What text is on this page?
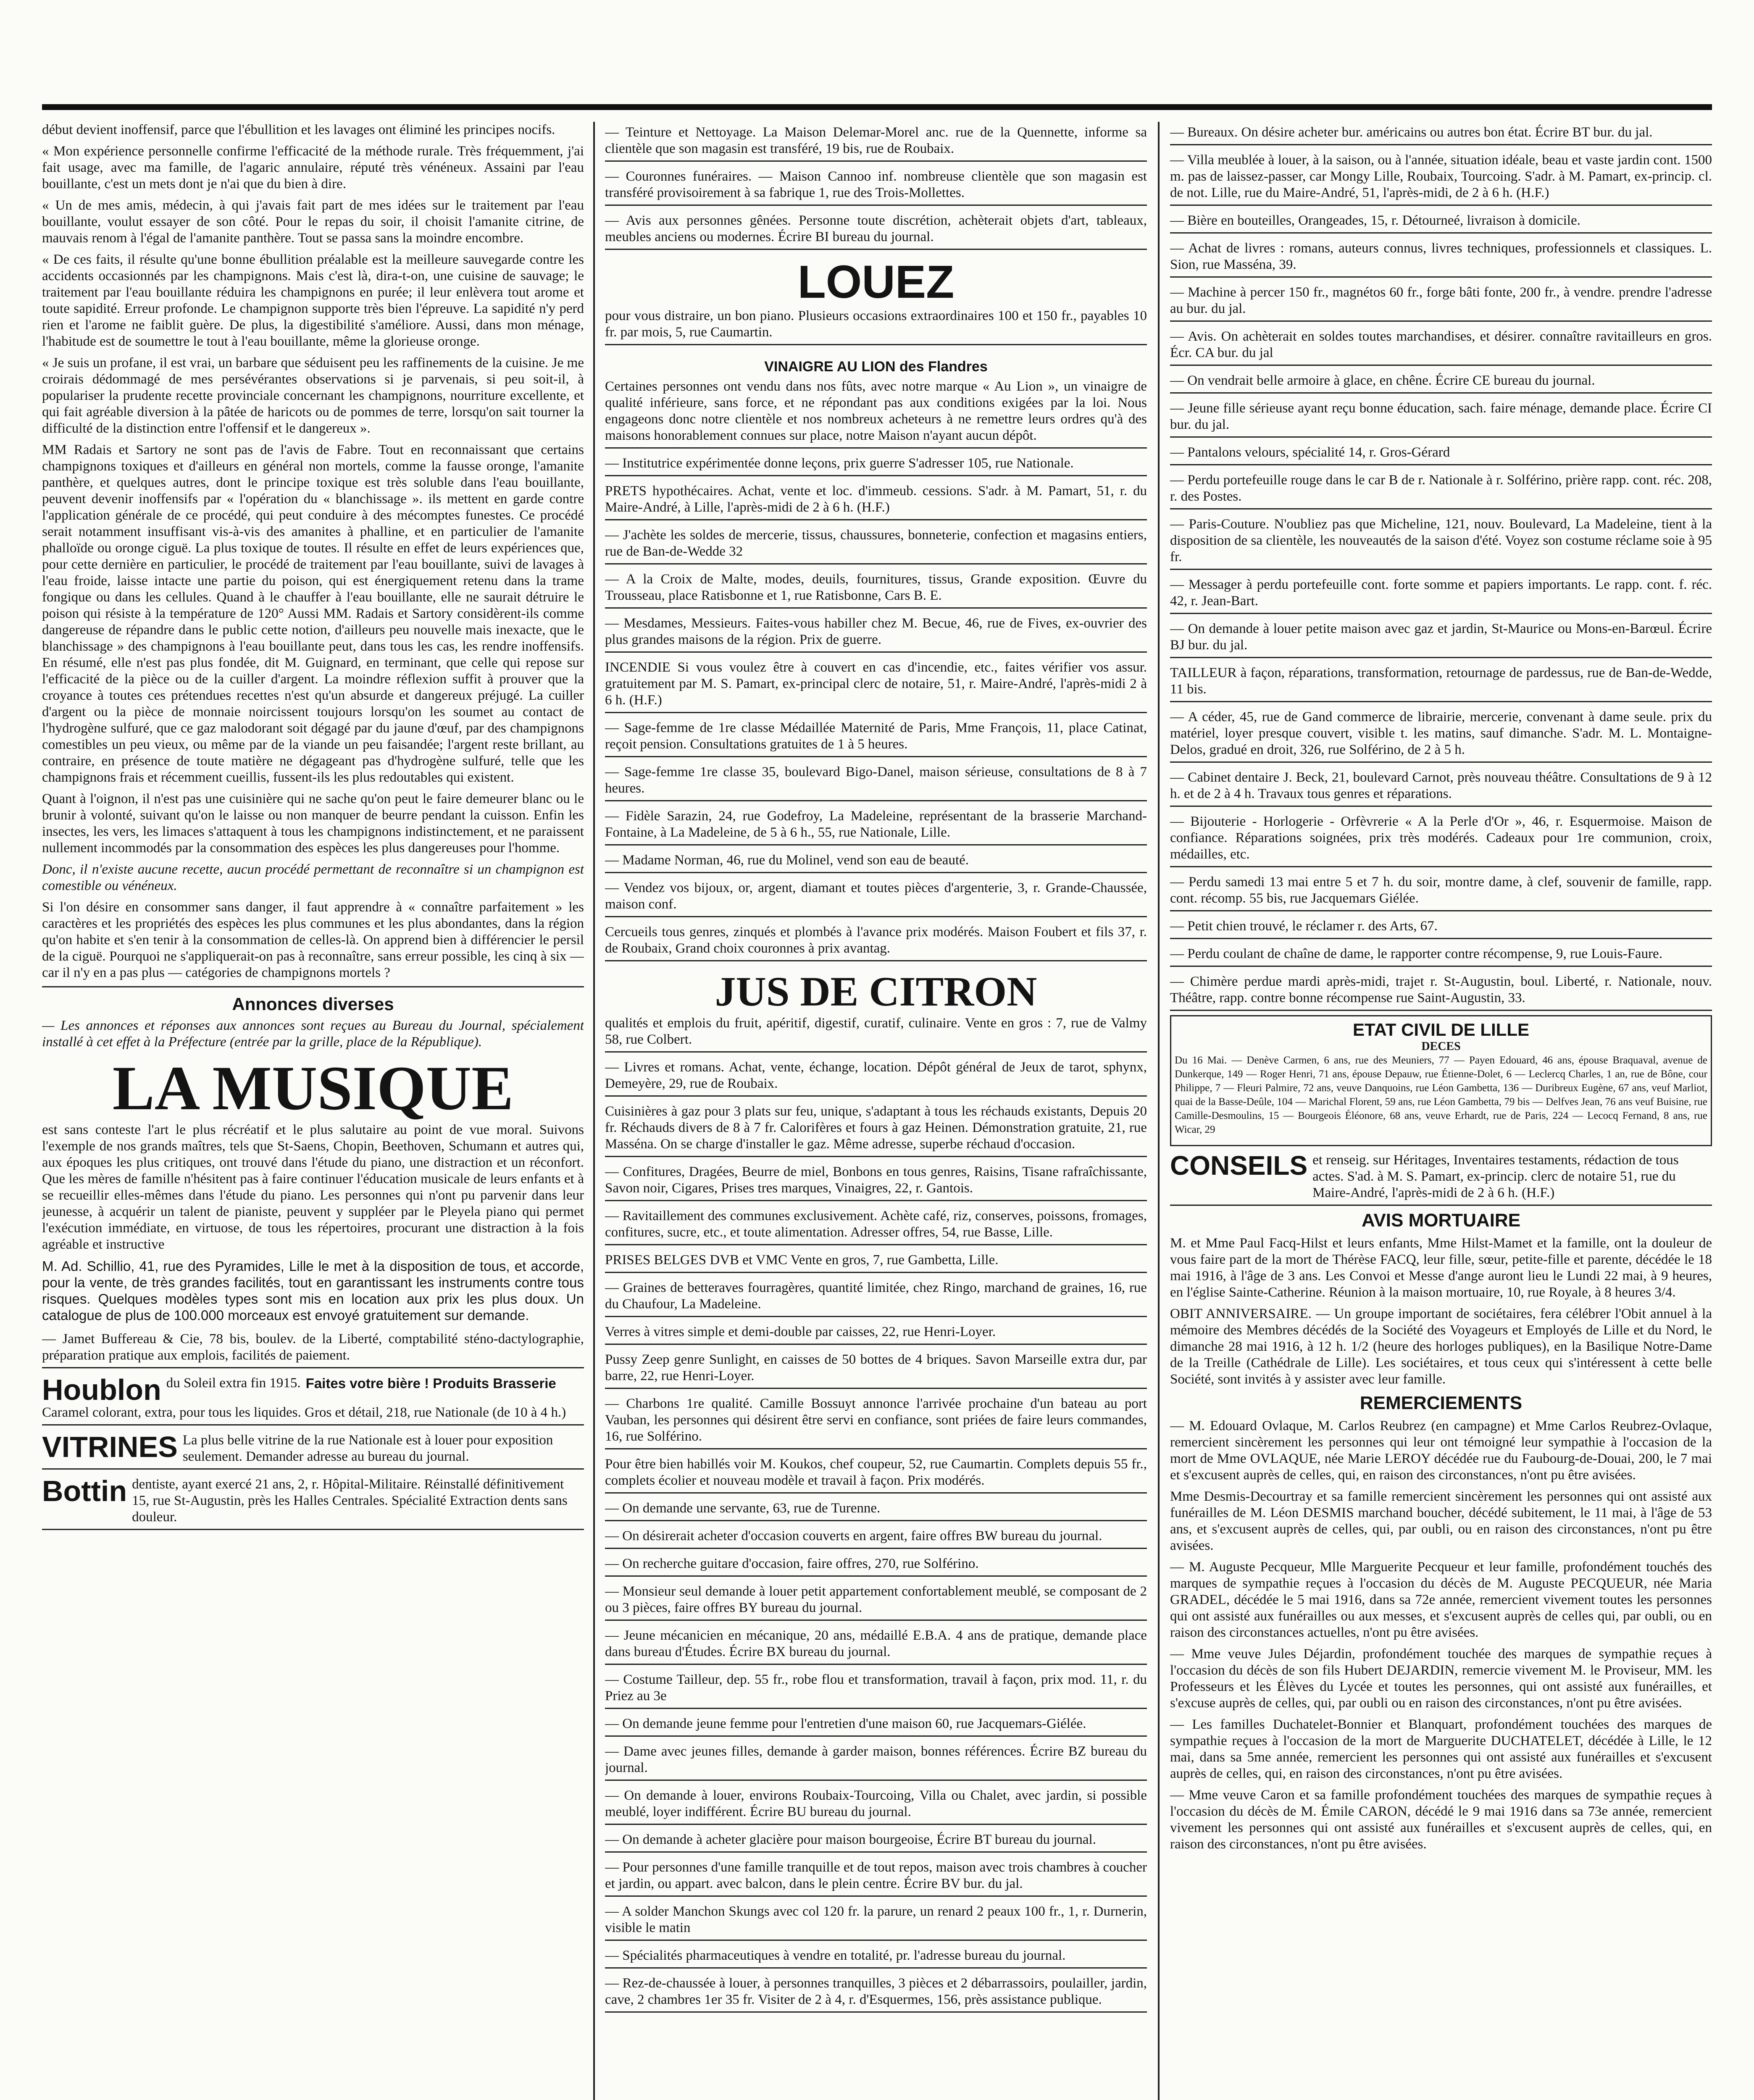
début devient inoffensif, parce que l'ébullition et les lavages ont éliminé les principes nocifs.

« Mon expérience personnelle confirme l'efficacité de la méthode rurale. Très fréquemment, j'ai fait usage, avec ma famille, de l'agaric annulaire, réputé très vénéneux. Assaini par l'eau bouillante, c'est un mets dont je n'ai que du bien à dire.

« Un de mes amis, médecin, à qui j'avais fait part de mes idées sur le traitement par l'eau bouillante, voulut essayer de son côté. Pour le repas du soir, il choisit l'amanite citrine, de mauvais renom à l'égal de l'amanite panthère. Tout se passa sans la moindre encombre.

« De ces faits, il résulte qu'une bonne ébullition préalable est la meilleure sauvegarde contre les accidents occasionnés par les champignons. Mais c'est là, dira-t-on, une cuisine de sauvage; le traitement par l'eau bouillante réduira les champignons en purée; il leur enlèvera tout arome et toute sapidité. Erreur profonde. Le champignon supporte très bien l'épreuve. La sapidité n'y perd rien et l'arome ne faiblit guère. De plus, la digestibilité s'améliore. Aussi, dans mon ménage, l'habitude est de soumettre le tout à l'eau bouillante, même la glorieuse oronge.

« Je suis un profane, il est vrai, un barbare que séduisent peu les raffinements de la cuisine. Je me croirais dédommagé de mes persévérantes observations si je parvenais, si peu soit-il, à populariser la prudente recette provinciale concernant les champignons, nourriture excellente, et qui fait agréable diversion à la pâtée de haricots ou de pommes de terre, lorsqu'on sait tourner la difficulté de la distinction entre l'offensif et le dangereux ».

MM Radais et Sartory ne sont pas de l'avis de Fabre. Tout en reconnaissant que certains champignons toxiques et d'ailleurs en général non mortels, comme la fausse oronge, l'amanite panthère, et quelques autres, dont le principe toxique est très soluble dans l'eau bouillante, peuvent devenir inoffensifs par « l'opération du « blanchissage ». ils mettent en garde contre l'application générale de ce procédé, qui peut conduire à des mécomptes funestes. Ce procédé serait notamment insuffisant vis-à-vis des amanites à phalline, et en particulier de l'amanite phalloïde ou oronge ciguë. La plus toxique de toutes. Il résulte en effet de leurs expériences que, pour cette dernière en particulier, le procédé de traitement par l'eau bouillante, suivi de lavages à l'eau froide, laisse intacte une partie du poison, qui est énergiquement retenu dans la trame fongique ou dans les cellules. Quand à le chauffer à l'eau bouillante, elle ne saurait détruire le poison qui résiste à la température de 120° Aussi MM. Radais et Sartory considèrent-ils comme dangereuse de répandre dans le public cette notion, d'ailleurs peu nouvelle mais inexacte, que le blanchissage » des champignons à l'eau bouillante peut, dans tous les cas, les rendre inoffensifs. En résumé, elle n'est pas plus fondée, dit M. Guignard, en terminant, que celle qui repose sur l'efficacité de la pièce ou de la cuiller d'argent. La moindre réflexion suffit à prouver que la croyance à toutes ces prétendues recettes n'est qu'un absurde et dangereux préjugé. La cuiller d'argent ou la pièce de monnaie noircissent toujours lorsqu'on les soumet au contact de l'hydrogène sulfuré, que ce gaz malodorant soit dégagé par du jaune d'œuf, par des champignons comestibles un peu vieux, ou même par de la viande un peu faisandée; l'argent reste brillant, au contraire, en présence de toute matière ne dégageant pas d'hydrogène sulfuré, telle que les champignons frais et récemment cueillis, fussent-ils les plus redoutables qui existent.

Quant à l'oignon, il n'est pas une cuisinière qui ne sache qu'on peut le faire demeurer blanc ou le brunir à volonté, suivant qu'on le laisse ou non manquer de beurre pendant la cuisson. Enfin les insectes, les vers, les limaces s'attaquent à tous les champignons indistinctement, et ne paraissent nullement incommodés par la consommation des espèces les plus dangereuses pour l'homme.

Donc, il n'existe aucune recette, aucun procédé permettant de reconnaître si un champignon est comestible ou vénéneux.

Si l'on désire en consommer sans danger, il faut apprendre à « connaître parfaitement » les caractères et les propriétés des espèces les plus communes et les plus abondantes, dans la région qu'on habite et s'en tenir à la consommation de celles-là. On apprend bien à différencier le persil de la ciguë. Pourquoi ne s'appliquerait-on pas à reconnaître, sans erreur possible, les cinq à six — car il n'y en a pas plus — catégories de champignons mortels ?

Annonces diverses

— Les annonces et réponses aux annonces sont reçues au Bureau du Journal, spécialement installé à cet effet à la Préfecture (entrée par la grille, place de la République).

LA MUSIQUE

est sans conteste l'art le plus récréatif et le plus salutaire au point de vue moral. Suivons l'exemple de nos grands maîtres, tels que St-Saens, Chopin, Beethoven, Schumann et autres qui, aux époques les plus critiques, ont trouvé dans l'étude du piano, une distraction et un réconfort. Que les mères de famille n'hésitent pas à faire continuer l'éducation musicale de leurs enfants et à se recueillir elles-mêmes dans l'étude du piano. Les personnes qui n'ont pu parvenir dans leur jeunesse, à acquérir un talent de pianiste, peuvent y suppléer par le Pleyela piano qui permet l'exécution immédiate, en virtuose, de tous les répertoires, procurant une distraction à la fois agréable et instructive

M. Ad. Schillio, 41, rue des Pyramides, Lille le met à la disposition de tous, et accorde, pour la vente, de très grandes facilités, tout en garantissant les instruments contre tous risques. Quelques modèles types sont mis en location aux prix les plus doux. Un catalogue de plus de 100.000 morceaux est envoyé gratuitement sur demande.

— Jamet Buffereau & Cie, 78 bis, boulev. de la Liberté, comptabilité sténo-dactylographie, préparation pratique aux emplois, facilités de paiement.

Houblon du Soleil extra fin 1915. Faites votre bière ! Produits Brasserie

Caramel colorant, extra, pour tous les liquides. Gros et détail, 218, rue Nationale (de 10 à 4 h.)

VITRINES La plus belle vitrine de la rue Nationale est à louer pour exposition seulement. Demander adresse au bureau du journal.
Bottin dentiste, ayant exercé 21 ans, 2, r. Hôpital-Militaire. Réinstallé définitivement 15, rue St-Augustin, près les Halles Centrales. Spécialité Extraction dents sans douleur.

— Teinture et Nettoyage. La Maison Delemar-Morel anc. rue de la Quennette, informe sa clientèle que son magasin est transféré, 19 bis, rue de Roubaix.

— Couronnes funéraires. — Maison Cannoo inf. nombreuse clientèle que son magasin est transféré provisoirement à sa fabrique 1, rue des Trois-Mollettes.

— Avis aux personnes gênées. Personne toute discrétion, achèterait objets d'art, tableaux, meubles anciens ou modernes. Écrire BI bureau du journal.

LOUEZ

pour vous distraire, un bon piano. Plusieurs occasions extraordinaires 100 et 150 fr., payables 10 fr. par mois, 5, rue Caumartin.

VINAIGRE AU LION des Flandres

Certaines personnes ont vendu dans nos fûts, avec notre marque « Au Lion », un vinaigre de qualité inférieure, sans force, et ne répondant pas aux conditions exigées par la loi. Nous engageons donc notre clientèle et nos nombreux acheteurs à ne remettre leurs ordres qu'à des maisons honorablement connues sur place, notre Maison n'ayant aucun dépôt.

— Institutrice expérimentée donne leçons, prix guerre S'adresser 105, rue Nationale.

PRETS hypothécaires. Achat, vente et loc. d'immeub. cessions. S'adr. à M. Pamart, 51, r. du Maire-André, à Lille, l'après-midi de 2 à 6 h. (H.F.)

— J'achète les soldes de mercerie, tissus, chaussures, bonneterie, confection et magasins entiers, rue de Ban-de-Wedde 32

— A la Croix de Malte, modes, deuils, fournitures, tissus, Grande exposition. Œuvre du Trousseau, place Ratisbonne et 1, rue Ratisbonne, Cars B. E.

— Mesdames, Messieurs. Faites-vous habiller chez M. Becue, 46, rue de Fives, ex-ouvrier des plus grandes maisons de la région. Prix de guerre.

INCENDIE Si vous voulez être à couvert en cas d'incendie, etc., faites vérifier vos assur. gratuitement par M. S. Pamart, ex-principal clerc de notaire, 51, r. Maire-André, l'après-midi 2 à 6 h. (H.F.)

— Sage-femme de 1re classe Médaillée Maternité de Paris, Mme François, 11, place Catinat, reçoit pension. Consultations gratuites de 1 à 5 heures.

— Sage-femme 1re classe 35, boulevard Bigo-Danel, maison sérieuse, consultations de 8 à 7 heures.

— Fidèle Sarazin, 24, rue Godefroy, La Madeleine, représentant de la brasserie Marchand-Fontaine, à La Madeleine, de 5 à 6 h., 55, rue Nationale, Lille.

— Madame Norman, 46, rue du Molinel, vend son eau de beauté.

— Vendez vos bijoux, or, argent, diamant et toutes pièces d'argenterie, 3, r. Grande-Chaussée, maison conf.

Cercueils tous genres, zinqués et plombés à l'avance prix modérés. Maison Foubert et fils 37, r. de Roubaix, Grand choix couronnes à prix avantag.

JUS DE CITRON

qualités et emplois du fruit, apéritif, digestif, curatif, culinaire. Vente en gros : 7, rue de Valmy 58, rue Colbert.

— Livres et romans. Achat, vente, échange, location. Dépôt général de Jeux de tarot, sphynx, Demeyère, 29, rue de Roubaix.

Cuisinières à gaz pour 3 plats sur feu, unique, s'adaptant à tous les réchauds existants, Depuis 20 fr. Réchauds divers de 8 à 7 fr. Calorifères et fours à gaz Heinen. Démonstration gratuite, 21, rue Masséna. On se charge d'installer le gaz. Même adresse, superbe réchaud d'occasion.

— Confitures, Dragées, Beurre de miel, Bonbons en tous genres, Raisins, Tisane rafraîchissante, Savon noir, Cigares, Prises tres marques, Vinaigres, 22, r. Gantois.

— Ravitaillement des communes exclusivement. Achète café, riz, conserves, poissons, fromages, confitures, sucre, etc., et toute alimentation. Adresser offres, 54, rue Basse, Lille.

PRISES BELGES DVB et VMC Vente en gros, 7, rue Gambetta, Lille.

— Graines de betteraves fourragères, quantité limitée, chez Ringo, marchand de graines, 16, rue du Chaufour, La Madeleine.

Verres à vitres simple et demi-double par caisses, 22, rue Henri-Loyer.

Pussy Zeep genre Sunlight, en caisses de 50 bottes de 4 briques. Savon Marseille extra dur, par barre, 22, rue Henri-Loyer.

— Charbons 1re qualité. Camille Bossuyt annonce l'arrivée prochaine d'un bateau au port Vauban, les personnes qui désirent être servi en confiance, sont priées de faire leurs commandes, 16, rue Solférino.

Pour être bien habillés voir M. Koukos, chef coupeur, 52, rue Caumartin. Complets depuis 55 fr., complets écolier et nouveau modèle et travail à façon. Prix modérés.

— On demande une servante, 63, rue de Turenne.

— On désirerait acheter d'occasion couverts en argent, faire offres BW bureau du journal.

— On recherche guitare d'occasion, faire offres, 270, rue Solférino.

— Monsieur seul demande à louer petit appartement confortablement meublé, se composant de 2 ou 3 pièces, faire offres BY bureau du journal.

— Jeune mécanicien en mécanique, 20 ans, médaillé E.B.A. 4 ans de pratique, demande place dans bureau d'Études. Écrire BX bureau du journal.

— Costume Tailleur, dep. 55 fr., robe flou et transformation, travail à façon, prix mod. 11, r. du Priez au 3e

— On demande jeune femme pour l'entretien d'une maison 60, rue Jacquemars-Giélée.

— Dame avec jeunes filles, demande à garder maison, bonnes références. Écrire BZ bureau du journal.

— On demande à louer, environs Roubaix-Tourcoing, Villa ou Chalet, avec jardin, si possible meublé, loyer indifférent. Écrire BU bureau du journal.

— On demande à acheter glacière pour maison bourgeoise, Écrire BT bureau du journal.

— Pour personnes d'une famille tranquille et de tout repos, maison avec trois chambres à coucher et jardin, ou appart. avec balcon, dans le plein centre. Écrire BV bur. du jal.

— A solder Manchon Skungs avec col 120 fr. la parure, un renard 2 peaux 100 fr., 1, r. Durnerin, visible le matin

— Spécialités pharmaceutiques à vendre en totalité, pr. l'adresse bureau du journal.

— Rez-de-chaussée à louer, à personnes tranquilles, 3 pièces et 2 débarrassoirs, poulailler, jardin, cave, 2 chambres 1er 35 fr. Visiter de 2 à 4, r. d'Esquermes, 156, près assistance publique.

— Bureaux. On désire acheter bur. américains ou autres bon état. Écrire BT bur. du jal.

— Villa meublée à louer, à la saison, ou à l'année, situation idéale, beau et vaste jardin cont. 1500 m. pas de laissez-passer, car Mongy Lille, Roubaix, Tourcoing. S'adr. à M. Pamart, ex-princip. cl. de not. Lille, rue du Maire-André, 51, l'après-midi, de 2 à 6 h. (H.F.)

— Bière en bouteilles, Orangeades, 15, r. Détourneé, livraison à domicile.

— Achat de livres : romans, auteurs connus, livres techniques, professionnels et classiques. L. Sion, rue Masséna, 39.

— Machine à percer 150 fr., magnétos 60 fr., forge bâti fonte, 200 fr., à vendre. prendre l'adresse au bur. du jal.

— Avis. On achèterait en soldes toutes marchandises, et désirer. connaître ravitailleurs en gros. Écr. CA bur. du jal

— On vendrait belle armoire à glace, en chêne. Écrire CE bureau du journal.

— Jeune fille sérieuse ayant reçu bonne éducation, sach. faire ménage, demande place. Écrire CI bur. du jal.

— Pantalons velours, spécialité 14, r. Gros-Gérard

— Perdu portefeuille rouge dans le car B de r. Nationale à r. Solférino, prière rapp. cont. réc. 208, r. des Postes.

— Paris-Couture. N'oubliez pas que Micheline, 121, nouv. Boulevard, La Madeleine, tient à la disposition de sa clientèle, les nouveautés de la saison d'été. Voyez son costume réclame soie à 95 fr.

— Messager à perdu portefeuille cont. forte somme et papiers importants. Le rapp. cont. f. réc. 42, r. Jean-Bart.

— On demande à louer petite maison avec gaz et jardin, St-Maurice ou Mons-en-Barœul. Écrire BJ bur. du jal.

TAILLEUR à façon, réparations, transformation, retournage de pardessus, rue de Ban-de-Wedde, 11 bis.

— A céder, 45, rue de Gand commerce de librairie, mercerie, convenant à dame seule. prix du matériel, loyer presque couvert, visible t. les matins, sauf dimanche. S'adr. M. L. Montaigne-Delos, gradué en droit, 326, rue Solférino, de 2 à 5 h.

— Cabinet dentaire J. Beck, 21, boulevard Carnot, près nouveau théâtre. Consultations de 9 à 12 h. et de 2 à 4 h. Travaux tous genres et réparations.

— Bijouterie - Horlogerie - Orfèvrerie « A la Perle d'Or », 46, r. Esquermoise. Maison de confiance. Réparations soignées, prix très modérés. Cadeaux pour 1re communion, croix, médailles, etc.

— Perdu samedi 13 mai entre 5 et 7 h. du soir, montre dame, à clef, souvenir de famille, rapp. cont. récomp. 55 bis, rue Jacquemars Giélée.

— Petit chien trouvé, le réclamer r. des Arts, 67.

— Perdu coulant de chaîne de dame, le rapporter contre récompense, 9, rue Louis-Faure.

— Chimère perdue mardi après-midi, trajet r. St-Augustin, boul. Liberté, r. Nationale, nouv. Théâtre, rapp. contre bonne récompense rue Saint-Augustin, 33.

ETAT CIVIL DE LILLE
DECES

Du 16 Mai. — Denève Carmen, 6 ans, rue des Meuniers, 77 — Payen Edouard, 46 ans, épouse Braquaval, avenue de Dunkerque, 149 — Roger Henri, 71 ans, épouse Depauw, rue Étienne-Dolet, 6 — Leclercq Charles, 1 an, rue de Bône, cour Philippe, 7 — Fleuri Palmire, 72 ans, veuve Danquoins, rue Léon Gambetta, 136 — Duribreux Eugène, 67 ans, veuf Marliot, quai de la Basse-Deûle, 104 — Marichal Florent, 59 ans, rue Léon Gambetta, 79 bis — Delfves Jean, 76 ans veuf Buisine, rue Camille-Desmoulins, 15 — Bourgeois Éléonore, 68 ans, veuve Erhardt, rue de Paris, 224 — Lecocq Fernand, 8 ans, rue Wicar, 29

CONSEILS et renseig. sur Héritages, Inventaires testaments, rédaction de tous actes. S'ad. à M. S. Pamart, ex-princip. clerc de notaire 51, rue du Maire-André, l'après-midi de 2 à 6 h. (H.F.)
AVIS MORTUAIRE

M. et Mme Paul Facq-Hilst et leurs enfants, Mme Hilst-Mamet et la famille, ont la douleur de vous faire part de la mort de Thérèse FACQ, leur fille, sœur, petite-fille et parente, décédée le 18 mai 1916, à l'âge de 3 ans. Les Convoi et Messe d'ange auront lieu le Lundi 22 mai, à 9 heures, en l'église Sainte-Catherine. Réunion à la maison mortuaire, 10, rue Royale, à 8 heures 3/4.

OBIT ANNIVERSAIRE. — Un groupe important de sociétaires, fera célébrer l'Obit annuel à la mémoire des Membres décédés de la Société des Voyageurs et Employés de Lille et du Nord, le dimanche 28 mai 1916, à 12 h. 1/2 (heure des horloges publiques), en la Basilique Notre-Dame de la Treille (Cathédrale de Lille). Les sociétaires, et tous ceux qui s'intéressent à cette belle Société, sont invités à y assister avec leur famille.

REMERCIEMENTS

— M. Edouard Ovlaque, M. Carlos Reubrez (en campagne) et Mme Carlos Reubrez-Ovlaque, remercient sincèrement les personnes qui leur ont témoigné leur sympathie à l'occasion de la mort de Mme OVLAQUE, née Marie LEROY décédée rue du Faubourg-de-Douai, 200, le 7 mai et s'excusent auprès de celles, qui, en raison des circonstances, n'ont pu être avisées.

Mme Desmis-Decourtray et sa famille remercient sincèrement les personnes qui ont assisté aux funérailles de M. Léon DESMIS marchand boucher, décédé subitement, le 11 mai, à l'âge de 53 ans, et s'excusent auprès de celles, qui, par oubli, ou en raison des circonstances, n'ont pu être avisées.

— M. Auguste Pecqueur, Mlle Marguerite Pecqueur et leur famille, profondément touchés des marques de sympathie reçues à l'occasion du décès de M. Auguste PECQUEUR, née Maria GRADEL, décédée le 5 mai 1916, dans sa 72e année, remercient vivement toutes les personnes qui ont assisté aux funérailles ou aux messes, et s'excusent auprès de celles qui, par oubli, ou en raison des circonstances actuelles, n'ont pu être avisées.

— Mme veuve Jules Déjardin, profondément touchée des marques de sympathie reçues à l'occasion du décès de son fils Hubert DEJARDIN, remercie vivement M. le Proviseur, MM. les Professeurs et les Élèves du Lycée et toutes les personnes, qui ont assisté aux funérailles, et s'excuse auprès de celles, qui, par oubli ou en raison des circonstances, n'ont pu être avisées.

— Les familles Duchatelet-Bonnier et Blanquart, profondément touchées des marques de sympathie reçues à l'occasion de la mort de Marguerite DUCHATELET, décédée à Lille, le 12 mai, dans sa 5me année, remercient les personnes qui ont assisté aux funérailles et s'excusent auprès de celles, qui, en raison des circonstances, n'ont pu être avisées.

— Mme veuve Caron et sa famille profondément touchées des marques de sympathie reçues à l'occasion du décès de M. Émile CARON, décédé le 9 mai 1916 dans sa 73e année, remercient vivement les personnes qui ont assisté aux funérailles et s'excusent auprès de celles, qui, en raison des circonstances, n'ont pu être avisées.
